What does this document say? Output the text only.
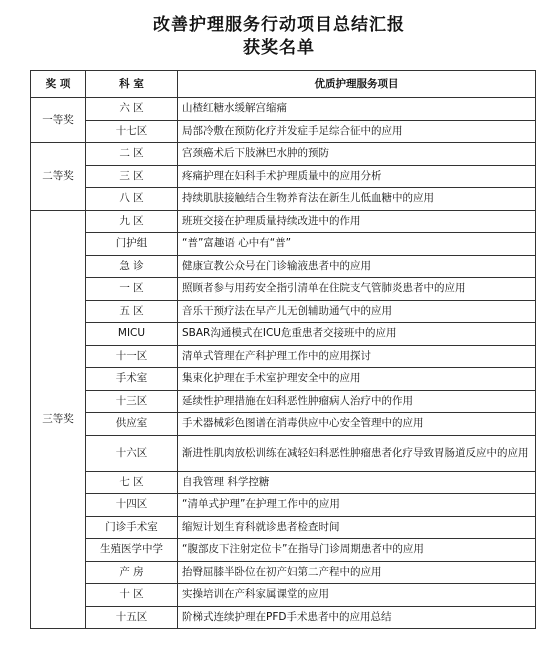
改善护理服务行动项目总结汇报
获奖名单
奖 项	科 室	优质护理服务项目
一等奖	六 区	山楂红糖水缓解宫缩痛
	十七区	局部冷敷在预防化疗并发症手足综合征中的应用
二等奖	二 区	宫颈癌术后下肢淋巴水肿的预防
	三 区	疼痛护理在妇科手术护理质量中的应用分析
	八 区	持续肌肤接触结合生物养育法在新生儿低血糖中的应用
三等奖	九 区	班班交接在护理质量持续改进中的作用
	门护组	“普”富趣语 心中有“普”
	急 诊	健康宣教公众号在门诊输液患者中的应用
	一 区	照顾者参与用药安全指引清单在住院支气管肺炎患者中的应用
	五 区	音乐干预疗法在早产儿无创辅助通气中的应用
	MICU	SBAR沟通模式在ICU危重患者交接班中的应用
	十一区	清单式管理在产科护理工作中的应用探讨
	手术室	集束化护理在手术室护理安全中的应用
	十三区	延续性护理措施在妇科恶性肿瘤病人治疗中的作用
	供应室	手术器械彩色图谱在消毒供应中心安全管理中的应用
	十六区	渐进性肌肉放松训练在减轻妇科恶性肿瘤患者化疗导致胃肠道反应中的应用
	七 区	自我管理 科学控糖
	十四区	“清单式护理”在护理工作中的应用
	门诊手术室	缩短计划生育科就诊患者检查时间
	生殖医学中学	“腹部皮下注射定位卡”在指导门诊周期患者中的应用
	产 房	抬臀屈膝半卧位在初产妇第二产程中的应用
	十 区	实操培训在产科家属课堂的应用
	十五区	阶梯式连续护理在PFD手术患者中的应用总结
